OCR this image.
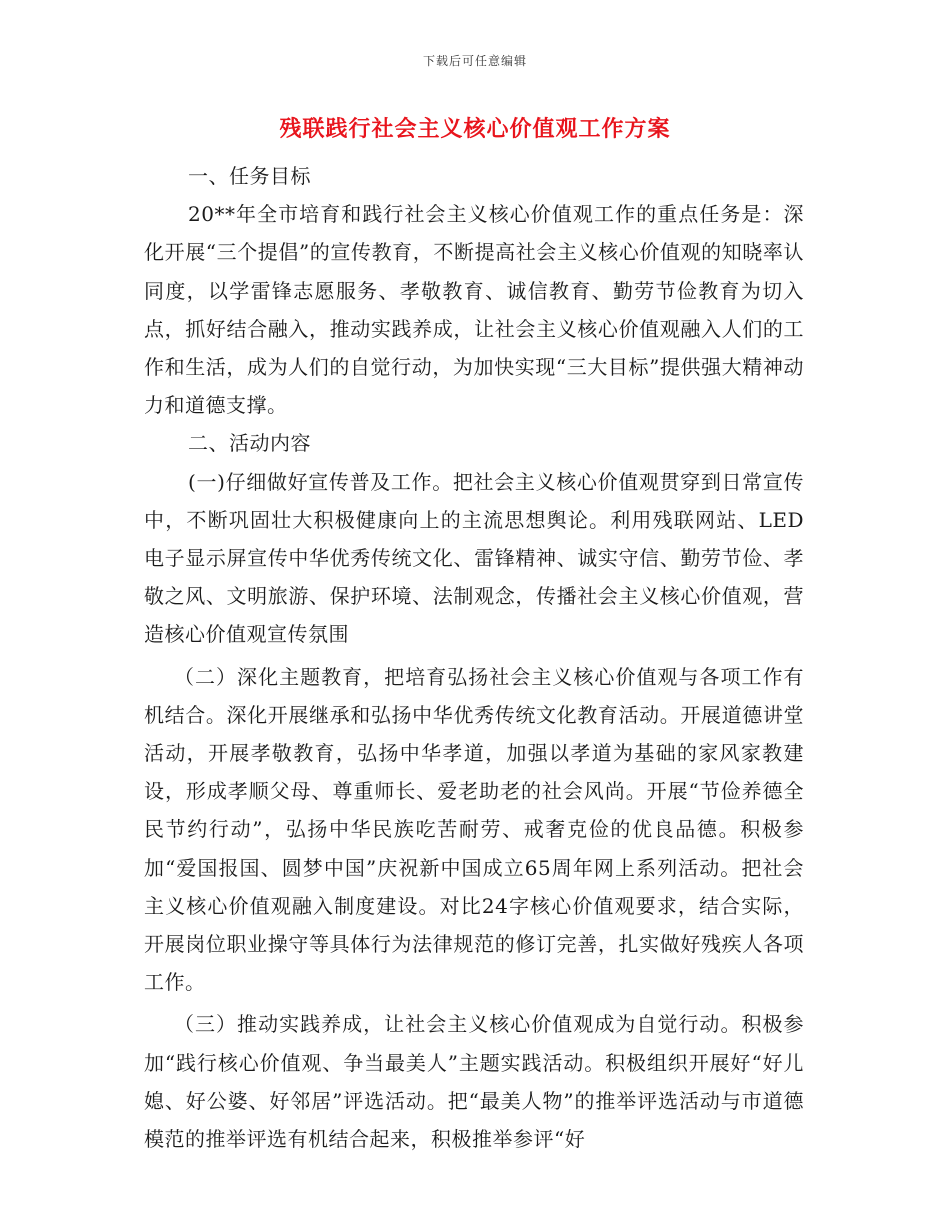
下载后可任意编辑
残联践行社会主义核心价值观工作方案

一、任务目标

20**年全市培育和践行社会主义核心价值观工作的重点任务是：深化开展“三个提倡”的宣传教育，不断提高社会主义核心价值观的知晓率认同度，以学雷锋志愿服务、孝敬教育、诚信教育、勤劳节俭教育为切入点，抓好结合融入，推动实践养成，让社会主义核心价值观融入人们的工作和生活，成为人们的自觉行动，为加快实现“三大目标”提供强大精神动力和道德支撑。

二、活动内容

(一)仔细做好宣传普及工作。把社会主义核心价值观贯穿到日常宣传中，不断巩固壮大积极健康向上的主流思想舆论。利用残联网站、LED电子显示屏宣传中华优秀传统文化、雷锋精神、诚实守信、勤劳节俭、孝敬之风、文明旅游、保护环境、法制观念，传播社会主义核心价值观，营造核心价值观宣传氛围

（二）深化主题教育，把培育弘扬社会主义核心价值观与各项工作有机结合。深化开展继承和弘扬中华优秀传统文化教育活动。开展道德讲堂活动，开展孝敬教育，弘扬中华孝道，加强以孝道为基础的家风家教建设，形成孝顺父母、尊重师长、爱老助老的社会风尚。开展“节俭养德全民节约行动”，弘扬中华民族吃苦耐劳、戒奢克俭的优良品德。积极参加“爱国报国、圆梦中国”庆祝新中国成立65周年网上系列活动。把社会主义核心价值观融入制度建设。对比24字核心价值观要求，结合实际，开展岗位职业操守等具体行为法律规范的修订完善，扎实做好残疾人各项工作。

（三）推动实践养成，让社会主义核心价值观成为自觉行动。积极参加“践行核心价值观、争当最美人”主题实践活动。积极组织开展好“好儿媳、好公婆、好邻居”评选活动。把“最美人物”的推举评选活动与市道德模范的推举评选有机结合起来，积极推举参评“好
